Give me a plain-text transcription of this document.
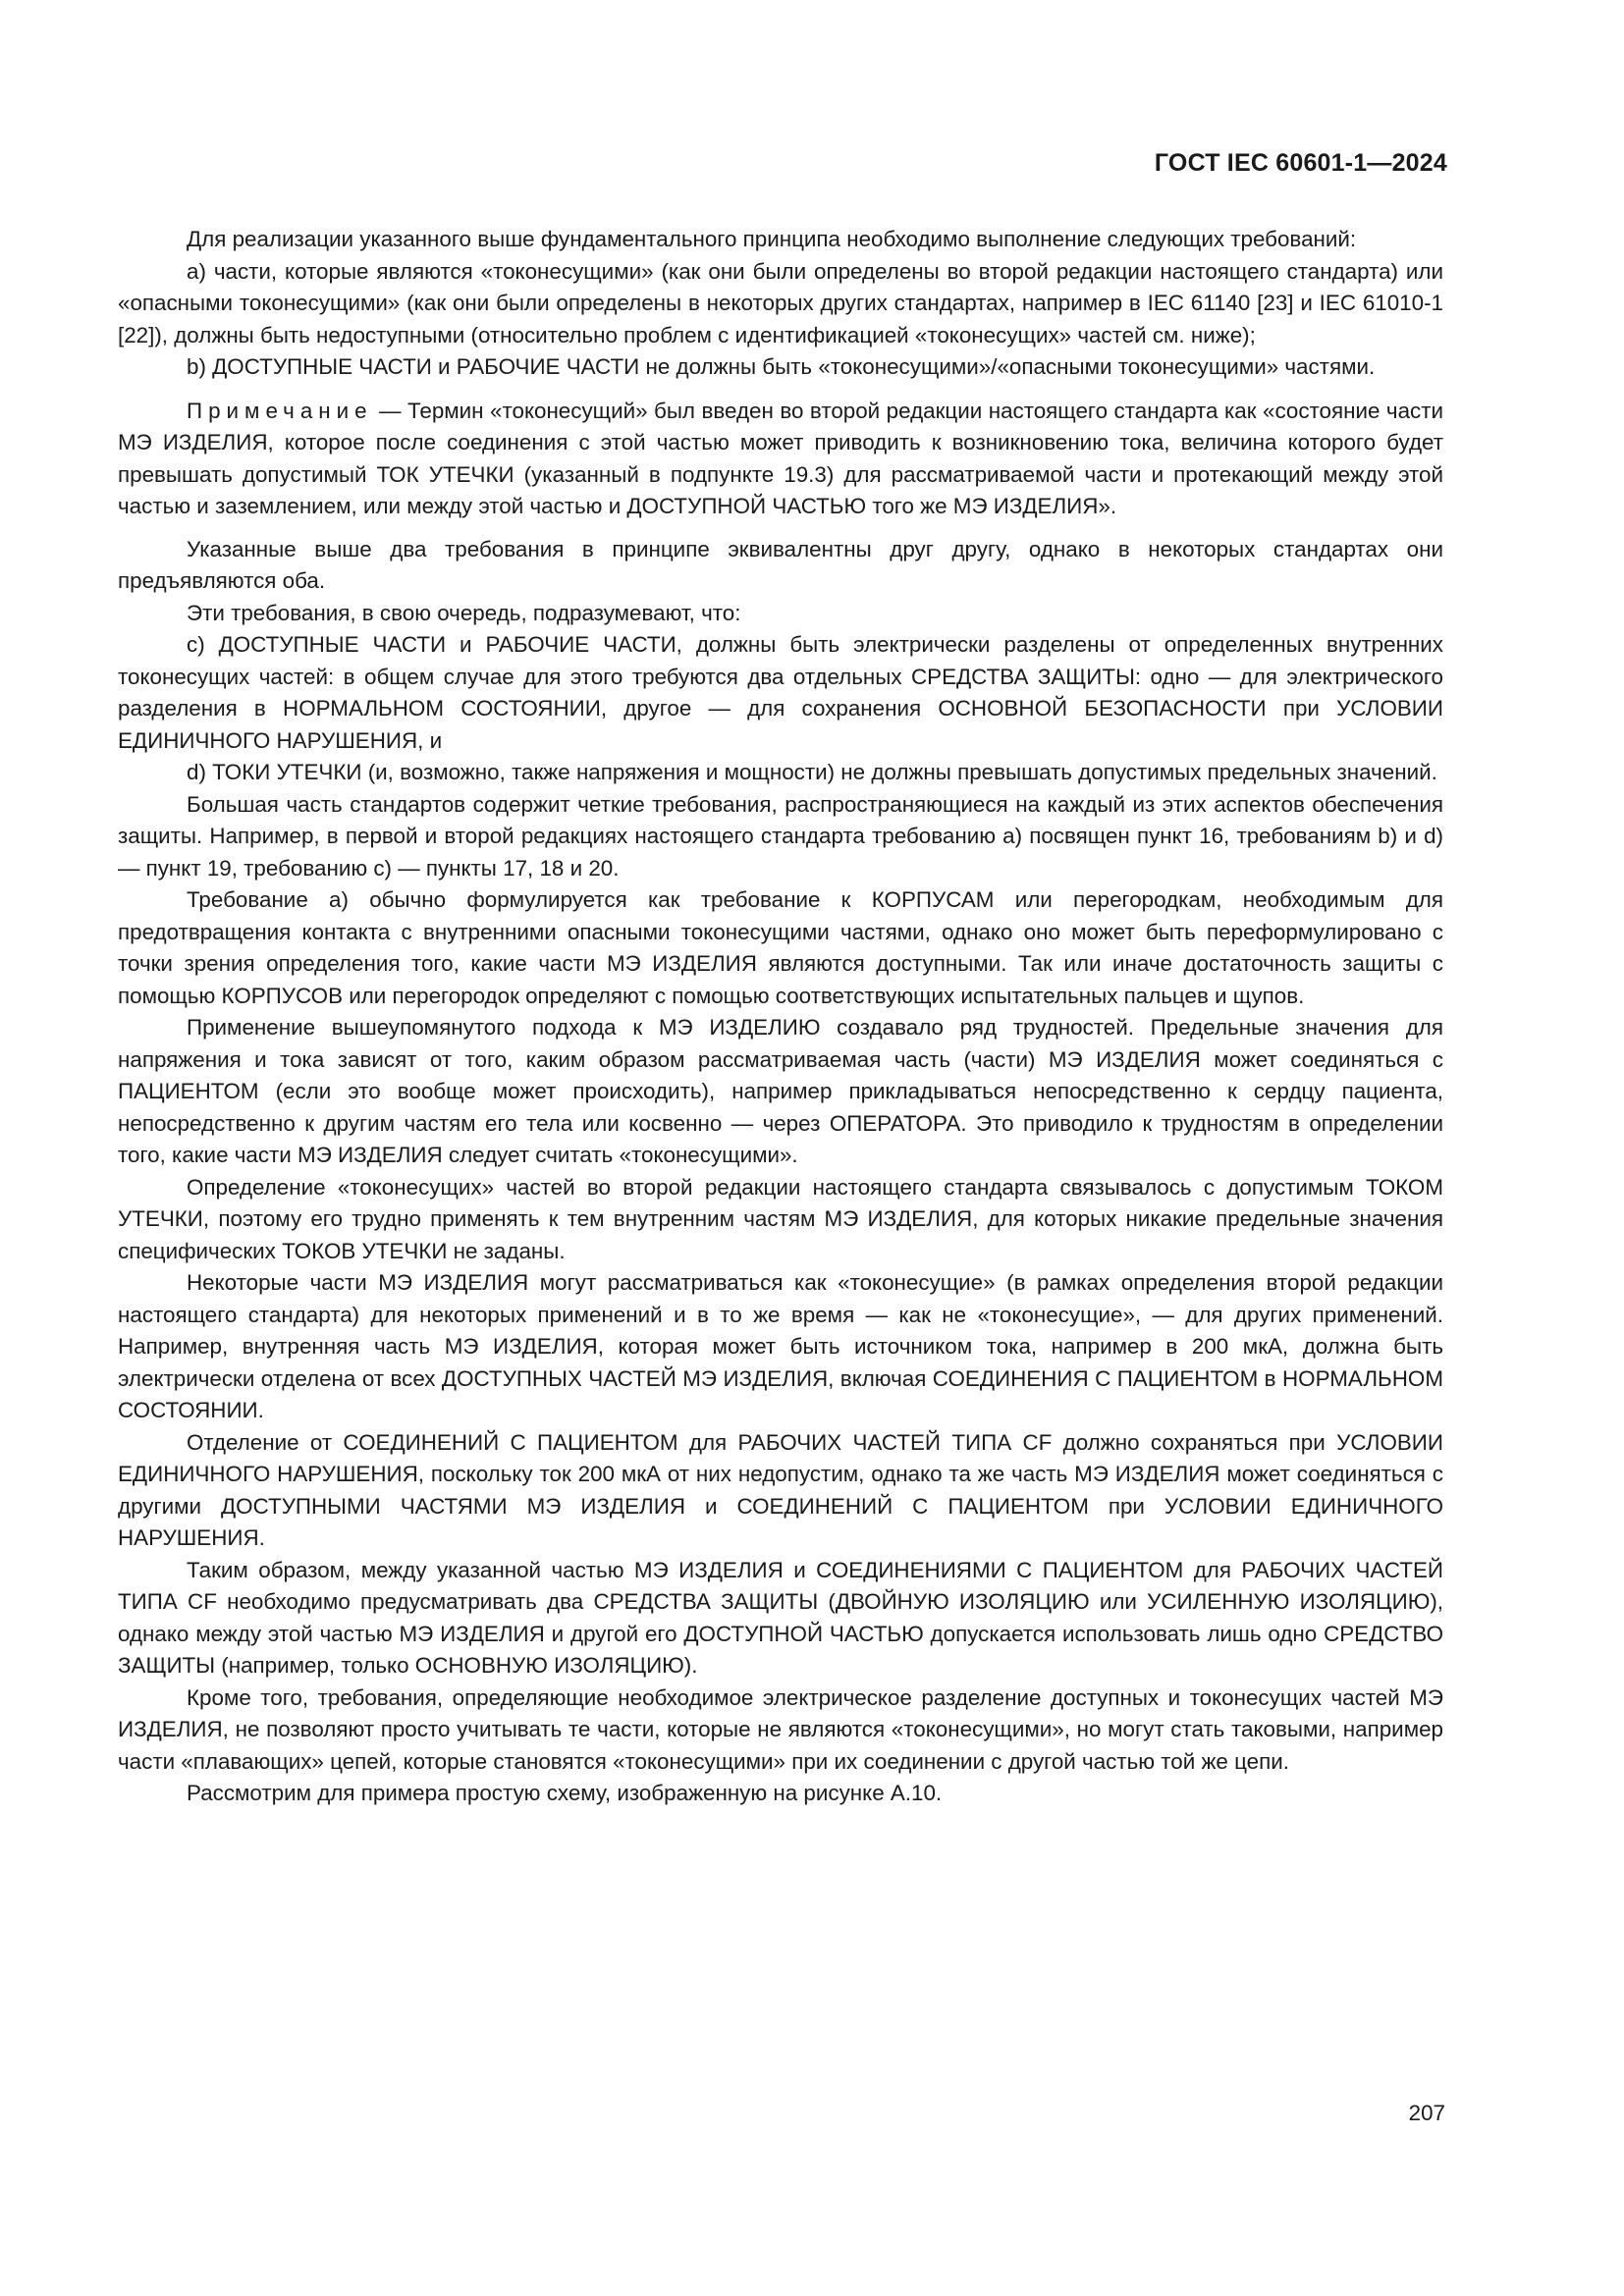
ГОСТ IEC 60601-1—2024

Для реализации указанного выше фундаментального принципа необходимо выполнение следующих требований:

a) части, которые являются «токонесущими» (как они были определены во второй редакции настоящего стандарта) или «опасными токонесущими» (как они были определены в некоторых других стандартах, например в IEC 61140 [23] и IEC 61010-1 [22]), должны быть недоступными (относительно проблем с идентификацией «токонесущих» частей см. ниже);

b) ДОСТУПНЫЕ ЧАСТИ и РАБОЧИЕ ЧАСТИ не должны быть «токонесущими»/«опасными токонесущими» частями.

Примечание — Термин «токонесущий» был введен во второй редакции настоящего стандарта как «состояние части МЭ ИЗДЕЛИЯ, которое после соединения с этой частью может приводить к возникновению тока, величина которого будет превышать допустимый ТОК УТЕЧКИ (указанный в подпункте 19.3) для рассматриваемой части и протекающий между этой частью и заземлением, или между этой частью и ДОСТУПНОЙ ЧАСТЬЮ того же МЭ ИЗДЕЛИЯ».

Указанные выше два требования в принципе эквивалентны друг другу, однако в некоторых стандартах они предъявляются оба.

Эти требования, в свою очередь, подразумевают, что:

c) ДОСТУПНЫЕ ЧАСТИ и РАБОЧИЕ ЧАСТИ, должны быть электрически разделены от определенных внутренних токонесущих частей: в общем случае для этого требуются два отдельных СРЕДСТВА ЗАЩИТЫ: одно — для электрического разделения в НОРМАЛЬНОМ СОСТОЯНИИ, другое — для сохранения ОСНОВНОЙ БЕЗОПАСНОСТИ при УСЛОВИИ ЕДИНИЧНОГО НАРУШЕНИЯ, и

d) ТОКИ УТЕЧКИ (и, возможно, также напряжения и мощности) не должны превышать допустимых предельных значений.

Большая часть стандартов содержит четкие требования, распространяющиеся на каждый из этих аспектов обеспечения защиты. Например, в первой и второй редакциях настоящего стандарта требованию a) посвящен пункт 16, требованиям b) и d) — пункт 19, требованию c) — пункты 17, 18 и 20.

Требование a) обычно формулируется как требование к КОРПУСАМ или перегородкам, необходимым для предотвращения контакта с внутренними опасными токонесущими частями, однако оно может быть переформулировано с точки зрения определения того, какие части МЭ ИЗДЕЛИЯ являются доступными. Так или иначе достаточность защиты с помощью КОРПУСОВ или перегородок определяют с помощью соответствующих испытательных пальцев и щупов.

Применение вышеупомянутого подхода к МЭ ИЗДЕЛИЮ создавало ряд трудностей. Предельные значения для напряжения и тока зависят от того, каким образом рассматриваемая часть (части) МЭ ИЗДЕЛИЯ может соединяться с ПАЦИЕНТОМ (если это вообще может происходить), например прикладываться непосредственно к сердцу пациента, непосредственно к другим частям его тела или косвенно — через ОПЕРАТОРА. Это приводило к трудностям в определении того, какие части МЭ ИЗДЕЛИЯ следует считать «токонесущими».

Определение «токонесущих» частей во второй редакции настоящего стандарта связывалось с допустимым ТОКОМ УТЕЧКИ, поэтому его трудно применять к тем внутренним частям МЭ ИЗДЕЛИЯ, для которых никакие предельные значения специфических ТОКОВ УТЕЧКИ не заданы.

Некоторые части МЭ ИЗДЕЛИЯ могут рассматриваться как «токонесущие» (в рамках определения второй редакции настоящего стандарта) для некоторых применений и в то же время — как не «токонесущие», — для других применений. Например, внутренняя часть МЭ ИЗДЕЛИЯ, которая может быть источником тока, например в 200 мкА, должна быть электрически отделена от всех ДОСТУПНЫХ ЧАСТЕЙ МЭ ИЗДЕЛИЯ, включая СОЕДИНЕНИЯ С ПАЦИЕНТОМ в НОРМАЛЬНОМ СОСТОЯНИИ.

Отделение от СОЕДИНЕНИЙ С ПАЦИЕНТОМ для РАБОЧИХ ЧАСТЕЙ ТИПА CF должно сохраняться при УСЛОВИИ ЕДИНИЧНОГО НАРУШЕНИЯ, поскольку ток 200 мкА от них недопустим, однако та же часть МЭ ИЗДЕЛИЯ может соединяться с другими ДОСТУПНЫМИ ЧАСТЯМИ МЭ ИЗДЕЛИЯ и СОЕДИНЕНИЙ С ПАЦИЕНТОМ при УСЛОВИИ ЕДИНИЧНОГО НАРУШЕНИЯ.

Таким образом, между указанной частью МЭ ИЗДЕЛИЯ и СОЕДИНЕНИЯМИ С ПАЦИЕНТОМ для РАБОЧИХ ЧАСТЕЙ ТИПА CF необходимо предусматривать два СРЕДСТВА ЗАЩИТЫ (ДВОЙНУЮ ИЗОЛЯЦИЮ или УСИЛЕННУЮ ИЗОЛЯЦИЮ), однако между этой частью МЭ ИЗДЕЛИЯ и другой его ДОСТУПНОЙ ЧАСТЬЮ допускается использовать лишь одно СРЕДСТВО ЗАЩИТЫ (например, только ОСНОВНУЮ ИЗОЛЯЦИЮ).

Кроме того, требования, определяющие необходимое электрическое разделение доступных и токонесущих частей МЭ ИЗДЕЛИЯ, не позволяют просто учитывать те части, которые не являются «токонесущими», но могут стать таковыми, например части «плавающих» цепей, которые становятся «токонесущими» при их соединении с другой частью той же цепи.

Рассмотрим для примера простую схему, изображенную на рисунке А.10.

207
